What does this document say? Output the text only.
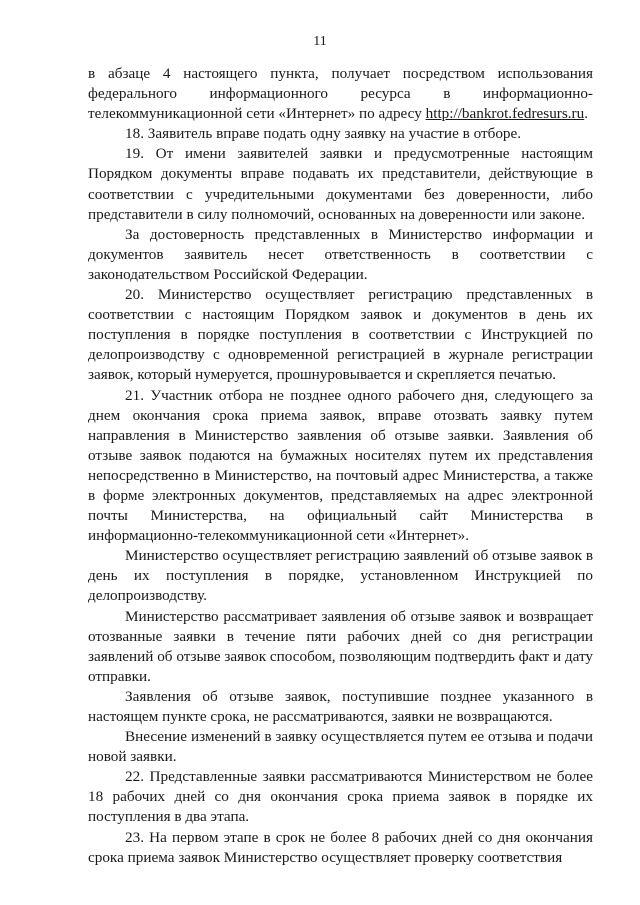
11

в абзаце 4 настоящего пункта, получает посредством использования федерального информационного ресурса в информационно-телекоммуникационной сети «Интернет» по адресу http://bankrot.fedresurs.ru.

18. Заявитель вправе подать одну заявку на участие в отборе.

19. От имени заявителей заявки и предусмотренные настоящим Порядком документы вправе подавать их представители, действующие в соответствии с учредительными документами без доверенности, либо представители в силу полномочий, основанных на доверенности или законе.

За достоверность представленных в Министерство информации и документов заявитель несет ответственность в соответствии с законодательством Российской Федерации.

20. Министерство осуществляет регистрацию представленных в соответствии с настоящим Порядком заявок и документов в день их поступления в порядке поступления в соответствии с Инструкцией по делопроизводству с одновременной регистрацией в журнале регистрации заявок, который нумеруется, прошнуровывается и скрепляется печатью.

21. Участник отбора не позднее одного рабочего дня, следующего за днем окончания срока приема заявок, вправе отозвать заявку путем направления в Министерство заявления об отзыве заявки. Заявления об отзыве заявок подаются на бумажных носителях путем их представления непосредственно в Министерство, на почтовый адрес Министерства, а также в форме электронных документов, представляемых на адрес электронной почты Министерства, на официальный сайт Министерства в информационно-телекоммуникационной сети «Интернет».

Министерство осуществляет регистрацию заявлений об отзыве заявок в день их поступления в порядке, установленном Инструкцией по делопроизводству.

Министерство рассматривает заявления об отзыве заявок и возвращает отозванные заявки в течение пяти рабочих дней со дня регистрации заявлений об отзыве заявок способом, позволяющим подтвердить факт и дату отправки.

Заявления об отзыве заявок, поступившие позднее указанного в настоящем пункте срока, не рассматриваются, заявки не возвращаются.

Внесение изменений в заявку осуществляется путем ее отзыва и подачи новой заявки.

22. Представленные заявки рассматриваются Министерством не более 18 рабочих дней со дня окончания срока приема заявок в порядке их поступления в два этапа.

23. На первом этапе в срок не более 8 рабочих дней со дня окончания срока приема заявок Министерство осуществляет проверку соответствия
